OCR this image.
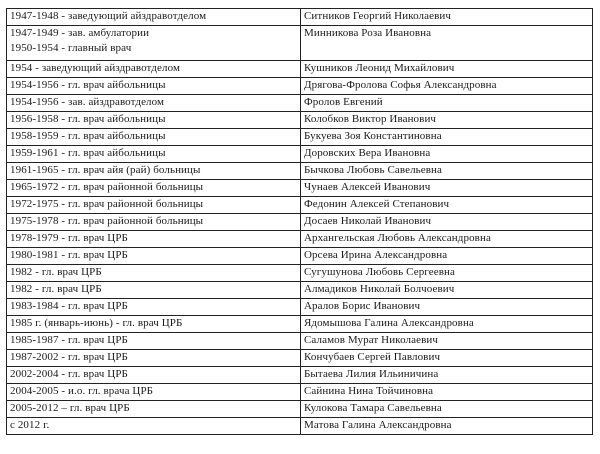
1947-1948 - заведующий айздравотделом	Ситников Георгий Николаевич

1947-1949 - зав. амбулатории
1950-1954 - главный врач	Минникова Роза Ивановна

1954 - заведующий айздравотделом	Кушников Леонид Михайлович

1954-1956 - гл. врач айбольницы	Дрягова-Фролова Софья Александровна

1954-1956 - зав. айздравотделом	Фролов Евгений

1956-1958 - гл. врач айбольницы	Колобков Виктор Иванович

1958-1959 - гл. врач айбольницы	Букуева Зоя Константиновна

1959-1961 - гл. врач айбольницы	Доровских Вера Ивановна

1961-1965 - гл. врач айя (рай) больницы	Бычкова Любовь Савельевна

1965-1972 - гл. врач районной больницы	Чунаев Алексей Иванович

1972-1975 - гл. врач районной больницы	Федонин Алексей Степанович

1975-1978 - гл. врач районной больницы	Досаев Николай Иванович

1978-1979 - гл. врач ЦРБ	Архангельская Любовь Александровна

1980-1981 - гл. врач ЦРБ	Орсева Ирина Александровна

1982 - гл. врач ЦРБ	Сугушунова Любовь Сергеевна

1982 - гл. врач ЦРБ	Алмадиков Николай Болчоевич

1983-1984 - гл. врач ЦРБ	Аралов Борис Иванович

1985 г. (январь-июнь) - гл. врач ЦРБ	Ядомышова Галина Александровна

1985-1987 - гл. врач ЦРБ	Саламов Мурат Николаевич

1987-2002 - гл. врач ЦРБ	Кончубаев Сергей Павлович

2002-2004 - гл. врач ЦРБ	Бытаева Лилия Ильиничина

2004-2005 - и.о. гл. врача ЦРБ	Сайнина Нина Тойчиновна

2005-2012 – гл. врач ЦРБ	Кулокова Тамара Савельевна

с 2012 г.	Матова Галина Александровна
